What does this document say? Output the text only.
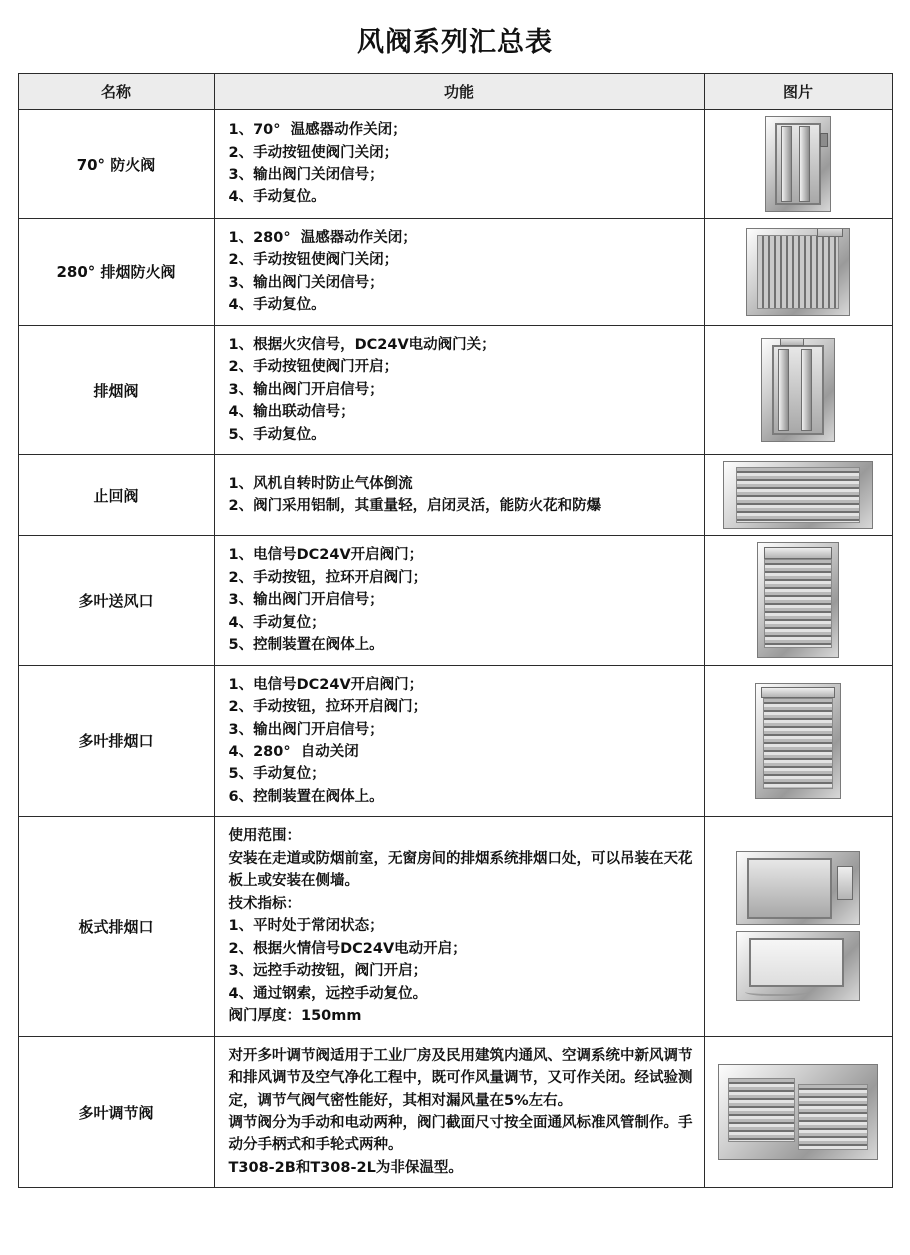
风阀系列汇总表
名称	功能	图片
70° 防火阀	1、70°  温感器动作关闭；
2、手动按钮使阀门关闭；
3、输出阀门关闭信号；
4、手动复位。	

280° 排烟防火阀	1、280°  温感器动作关闭；
2、手动按钮使阀门关闭；
3、输出阀门关闭信号；
4、手动复位。	

排烟阀	1、根据火灾信号，DC24V电动阀门关；
2、手动按钮使阀门开启；
3、输出阀门开启信号；
4、输出联动信号；
5、手动复位。	

止回阀	1、风机自转时防止气体倒流
2、阀门采用铝制，其重量轻，启闭灵活，能防火花和防爆	

多叶送风口	1、电信号DC24V开启阀门；
2、手动按钮，拉环开启阀门；
3、输出阀门开启信号；
4、手动复位；
5、控制装置在阀体上。	

多叶排烟口	
1、电信号DC24V开启阀门；
2、手动按钮，拉环开启阀门；
3、输出阀门开启信号；
4、280°  自动关闭
5、手动复位；
6、控制装置在阀体上。

板式排烟口	
使用范围：
安装在走道或防烟前室，无窗房间的排烟系统排烟口处，可以吊装在天花板上或安装在侧墙。
技术指标：
1、平时处于常闭状态；
2、根据火情信号DC24V电动开启；
3、远控手动按钮，阀门开启；
4、通过钢索，远控手动复位。
阀门厚度：150mm

多叶调节阀	对开多叶调节阀适用于工业厂房及民用建筑内通风、空调系统中新风调节和排风调节及空气净化工程中，既可作风量调节，又可作关闭。经试验测定，调节气阀气密性能好，其相对漏风量在5%左右。
调节阀分为手动和电动两种，阀门截面尺寸按全面通风标准风管制作。手动分手柄式和手轮式两种。
T308-2B和T308-2L为非保温型。	
